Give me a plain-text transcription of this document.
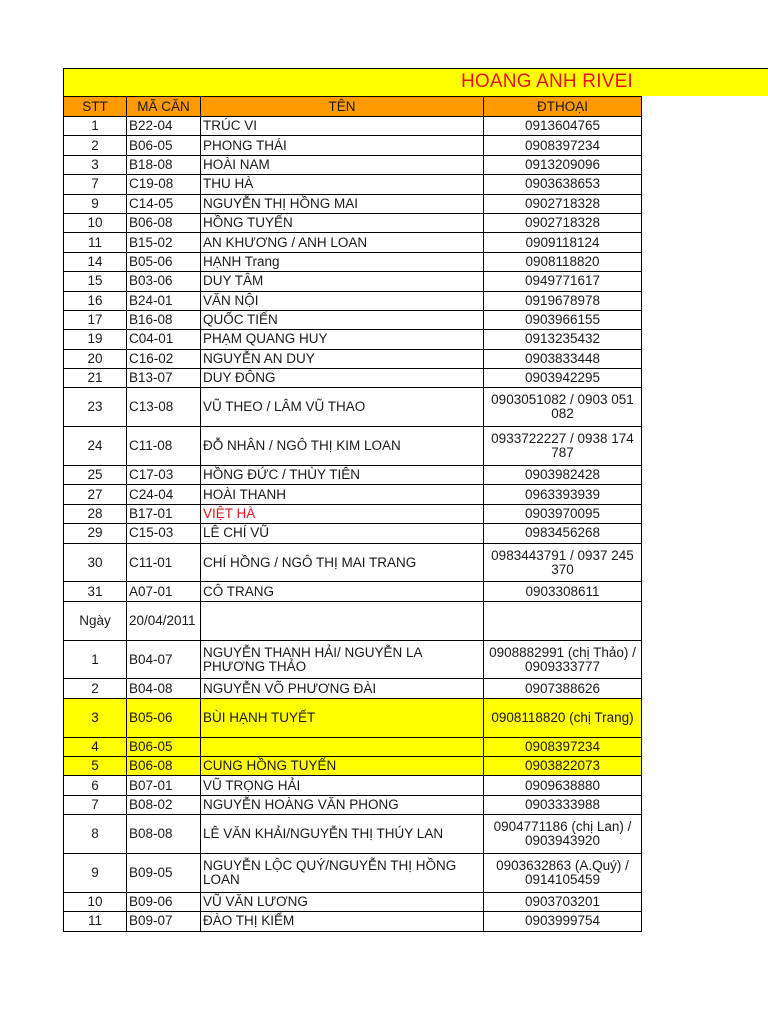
HOANG ANH RIVEI
STT	MÃ CĂN	TÊN	ĐTHOẠI
1	B22-04	TRÚC VI	0913604765
2	B06-05	PHONG THÁI	0908397234
3	B18-08	HOÀI NAM	0913209096
7	C19-08	THU HÀ	0903638653
9	C14-05	NGUYỄN THỊ HỒNG MAI	0902718328
10	B06-08	HỒNG TUYẾN	0902718328
11	B15-02	AN KHƯƠNG / ANH LOAN	0909118124
14	B05-06	HẠNH Trang	0908118820
15	B03-06	DUY TÂM	0949771617
16	B24-01	VĂN NỘI	0919678978
17	B16-08	QUỐC TIẾN	0903966155
19	C04-01	PHẠM QUANG HUY	0913235432
20	C16-02	NGUYỄN AN DUY	0903833448
21	B13-07	DUY ĐÔNG	0903942295
23	C13-08	VŨ THEO / LÂM VŨ THAO	0903051082 / 0903 051 082
24	C11-08	ĐỖ NHÂN / NGÔ THỊ KIM LOAN	0933722227 / 0938 174 787
25	C17-03	HỒNG ĐỨC / THÙY TIÊN	0903982428
27	C24-04	HOÀI THANH	0963393939
28	B17-01	VIỆT HÀ	0903970095
29	C15-03	LÊ CHÍ VŨ	0983456268
30	C11-01	CHÍ HỒNG / NGÔ THỊ MAI TRANG	0983443791 / 0937 245 370
31	A07-01	CÔ TRANG	0903308611
Ngày	20/04/2011		
1	B04-07	NGUYỄN THANH HẢI/ NGUYỄN LA PHƯƠNG THẢO	0908882991 (chị Thảo) / 0909333777
2	B04-08	NGUYỄN VÕ PHƯƠNG ĐÀI	0907388626
3	B05-06	BÙI HẠNH TUYẾT	0908118820 (chị Trang)
4	B06-05		0908397234
5	B06-08	CUNG HỒNG TUYẾN	0903822073
6	B07-01	VŨ TRỌNG HẢI	0909638880
7	B08-02	NGUYỄN HOÀNG VĂN PHONG	0903333988
8	B08-08	LÊ VĂN KHẢI/NGUYỄN THỊ THÚY LAN	0904771186 (chị Lan) / 0903943920
9	B09-05	NGUYỄN LỘC QUÝ/NGUYỄN THỊ HỒNG LOAN	0903632863 (A.Quý) / 0914105459
10	B09-06	VŨ VĂN LƯƠNG	0903703201
11	B09-07	ĐÀO THỊ KIỂM	0903999754
